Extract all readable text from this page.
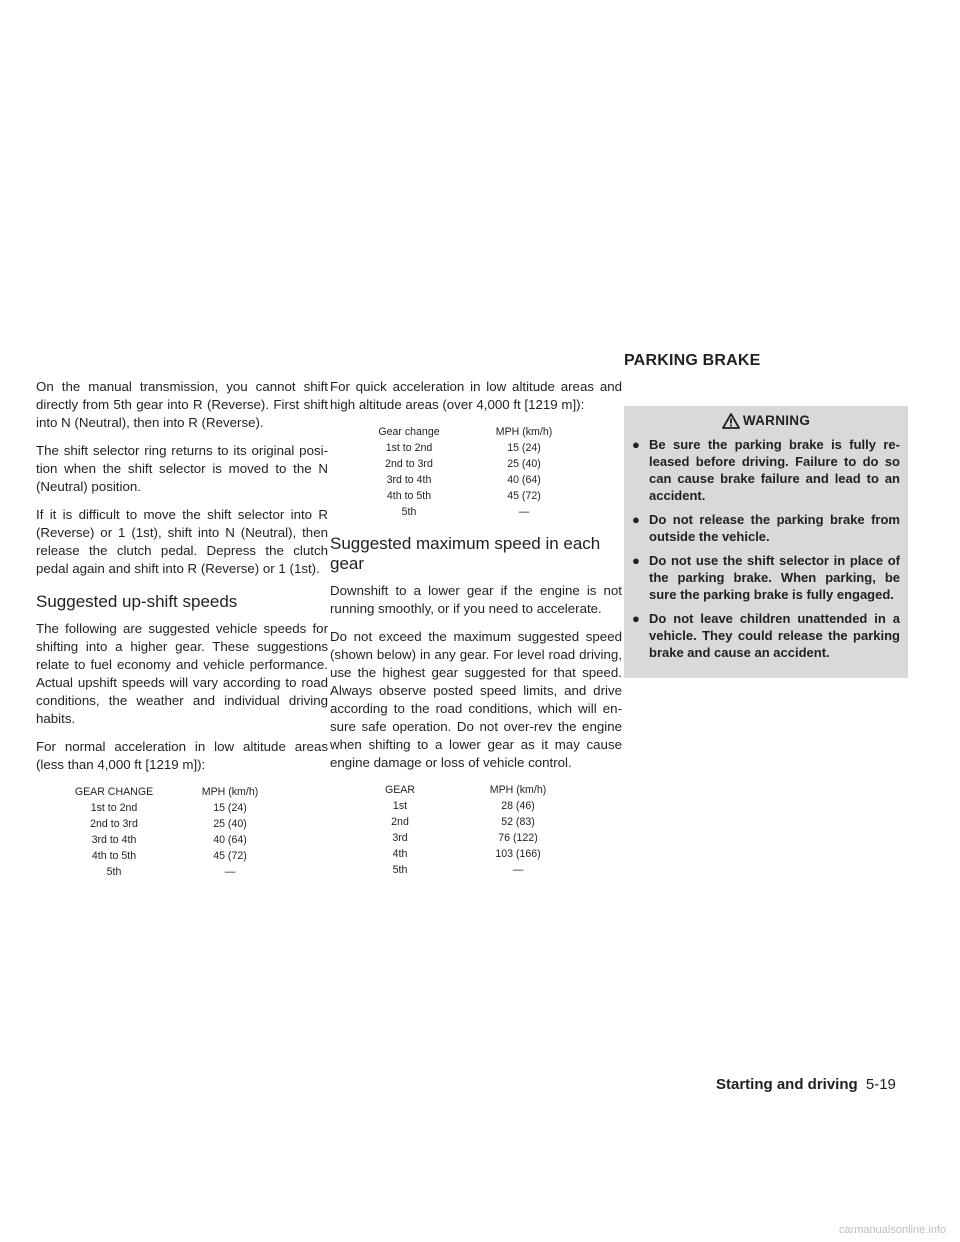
On the manual transmission, you cannot shift directly from 5th gear into R (Reverse). First shift into N (Neutral), then into R (Reverse).

The shift selector ring returns to its original posi-tion when the shift selector is moved to the N (Neutral) position.

If it is difficult to move the shift selector into R (Reverse) or 1 (1st), shift into N (Neutral), then release the clutch pedal. Depress the clutch pedal again and shift into R (Reverse) or 1 (1st).

Suggested up-shift speeds

The following are suggested vehicle speeds for shifting into a higher gear. These suggestions relate to fuel economy and vehicle performance. Actual upshift speeds will vary according to road conditions, the weather and individual driving habits.

For normal acceleration in low altitude areas (less than 4,000 ft [1219 m]):

GEAR CHANGE	MPH (km/h)
1st to 2nd	15 (24)
2nd to 3rd	25 (40)
3rd to 4th	40 (64)
4th to 5th	45 (72)
5th	—

For quick acceleration in low altitude areas and high altitude areas (over 4,000 ft [1219 m]):

Gear change	MPH (km/h)
1st to 2nd	15 (24)
2nd to 3rd	25 (40)
3rd to 4th	40 (64)
4th to 5th	45 (72)
5th	—
Suggested maximum speed in each gear

Downshift to a lower gear if the engine is not running smoothly, or if you need to accelerate.

Do not exceed the maximum suggested speed (shown below) in any gear. For level road driving, use the highest gear suggested for that speed. Always observe posted speed limits, and drive according to the road conditions, which will en-sure safe operation. Do not over-rev the engine when shifting to a lower gear as it may cause engine damage or loss of vehicle control.

GEAR	MPH (km/h)
1st	28 (46)
2nd	52 (83)
3rd	76 (122)
4th	103 (166)
5th	—
PARKING BRAKE
WARNING
● Be sure the parking brake is fully re-leased before driving. Failure to do so can cause brake failure and lead to an accident.
● Do not release the parking brake from outside the vehicle.
● Do not use the shift selector in place of the parking brake. When parking, be sure the parking brake is fully engaged.
● Do not leave children unattended in a vehicle. They could release the parking brake and cause an accident.
Starting and driving 5-19
carmanualsonline.info
